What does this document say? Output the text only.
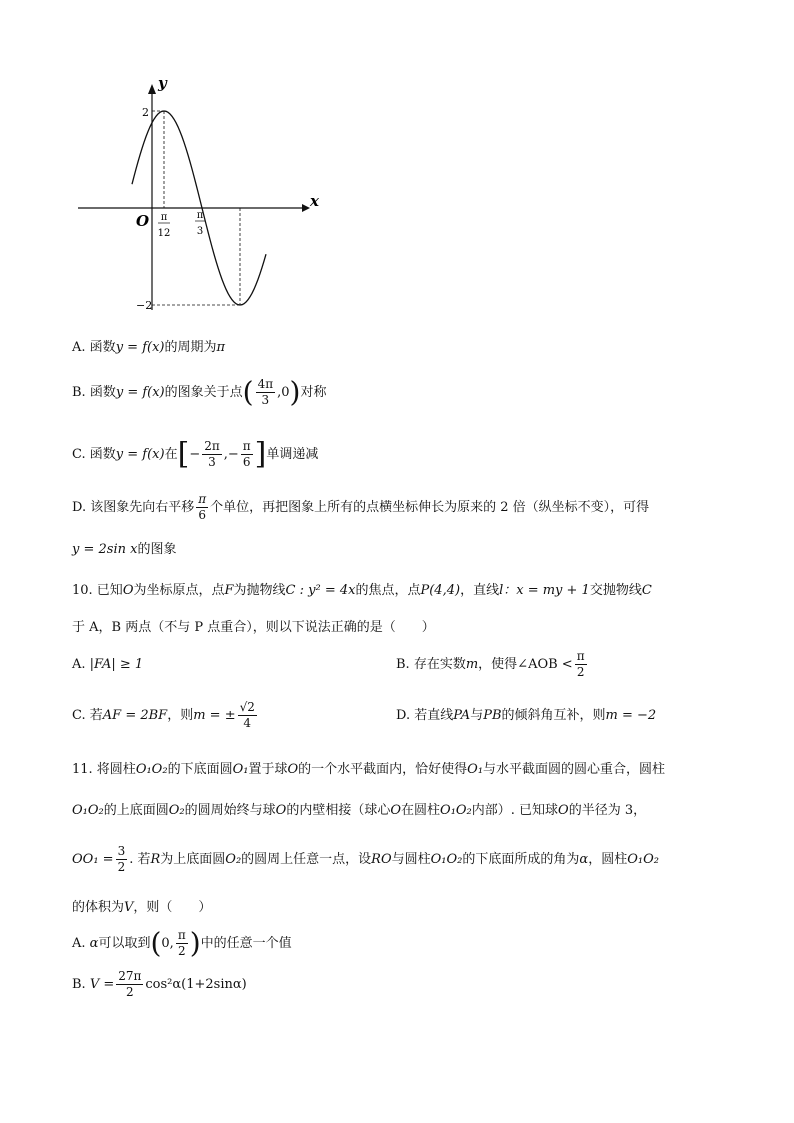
y
x
O
2
−2
π
12
π
3
A. 函数y = f(x)的周期为π
B. 函数y = f(x)的图象关于点( $\frac{4\pi}{3} ,0$)对称
C. 函数y = f(x)在[− $\frac{2\pi}{3}$ ,− $\frac{\pi}{6}$ ]单调递减
D. 该图象先向右平移 $\frac{\pi}{6}$ 个单位，再把图象上所有的点横坐标伸长为原来的 2 倍（纵坐标不变），可得
y = 2sin x的图象
10. 已知O为坐标原点，点F为抛物线C : y² = 4x的焦点，点P(4,4)，直线l：x = my + 1交抛物线C
于 A，B 两点（不与 P 点重合），则以下说法正确的是（　　）
A. |FA| ≥ 1	B. 存在实数m，使得∠AOB < $\frac{\pi}{2}$
C. 若AF = 2BF，则m = ± $\frac{√2}{4}$	D. 若直线PA与PB的倾斜角互补，则m = −2
11. 将圆柱O₁O₂的下底面圆O₁置于球O的一个水平截面内，恰好使得O₁与水平截面圆的圆心重合，圆柱
O₁O₂的上底面圆O₂的圆周始终与球O的内壁相接（球心O在圆柱O₁O₂内部）. 已知球O的半径为 3，
$OO_1 = \frac{3}{2}$ . 若R为上底面圆O₂的圆周上任意一点，设RO与圆柱O₁O₂的下底面所成的角为α，圆柱O₁O₂
的体积为V，则（　　）
A. α可以取到(0, $\frac{\pi}{2}$ )中的任意一个值
B. $V = \frac{27\pi}{2} \cos^2\alpha(1+2\sin\alpha)$
